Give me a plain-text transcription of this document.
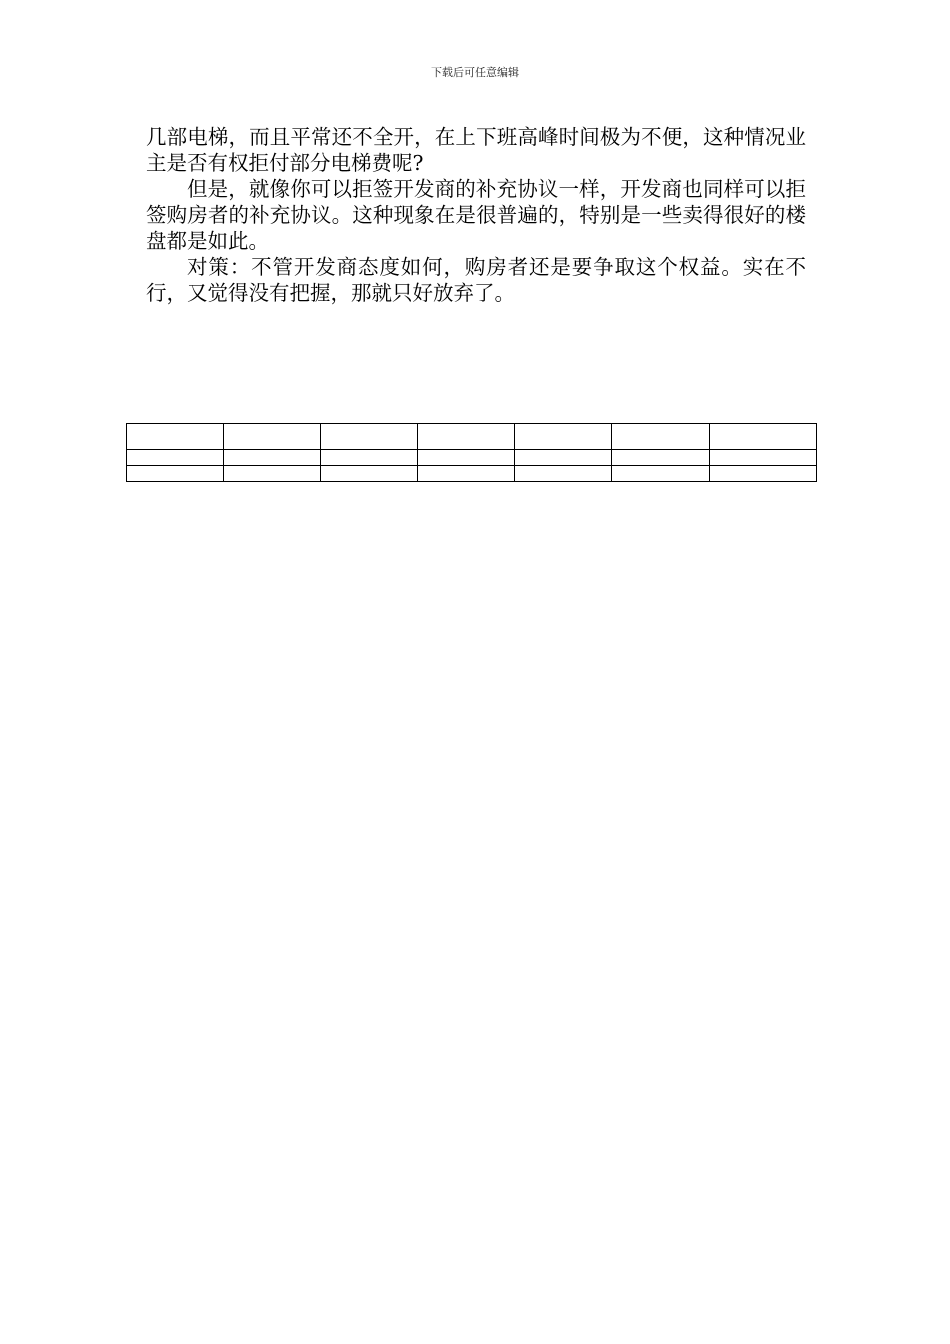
下载后可任意编辑

几部电梯，而且平常还不全开，在上下班高峰时间极为不便，这种情况业主是否有权拒付部分电梯费呢?

但是，就像你可以拒签开发商的补充协议一样，开发商也同样可以拒签购房者的补充协议。这种现象在是很普遍的，特别是一些卖得很好的楼盘都是如此。

对策：不管开发商态度如何，购房者还是要争取这个权益。实在不行，又觉得没有把握，那就只好放弃了。
